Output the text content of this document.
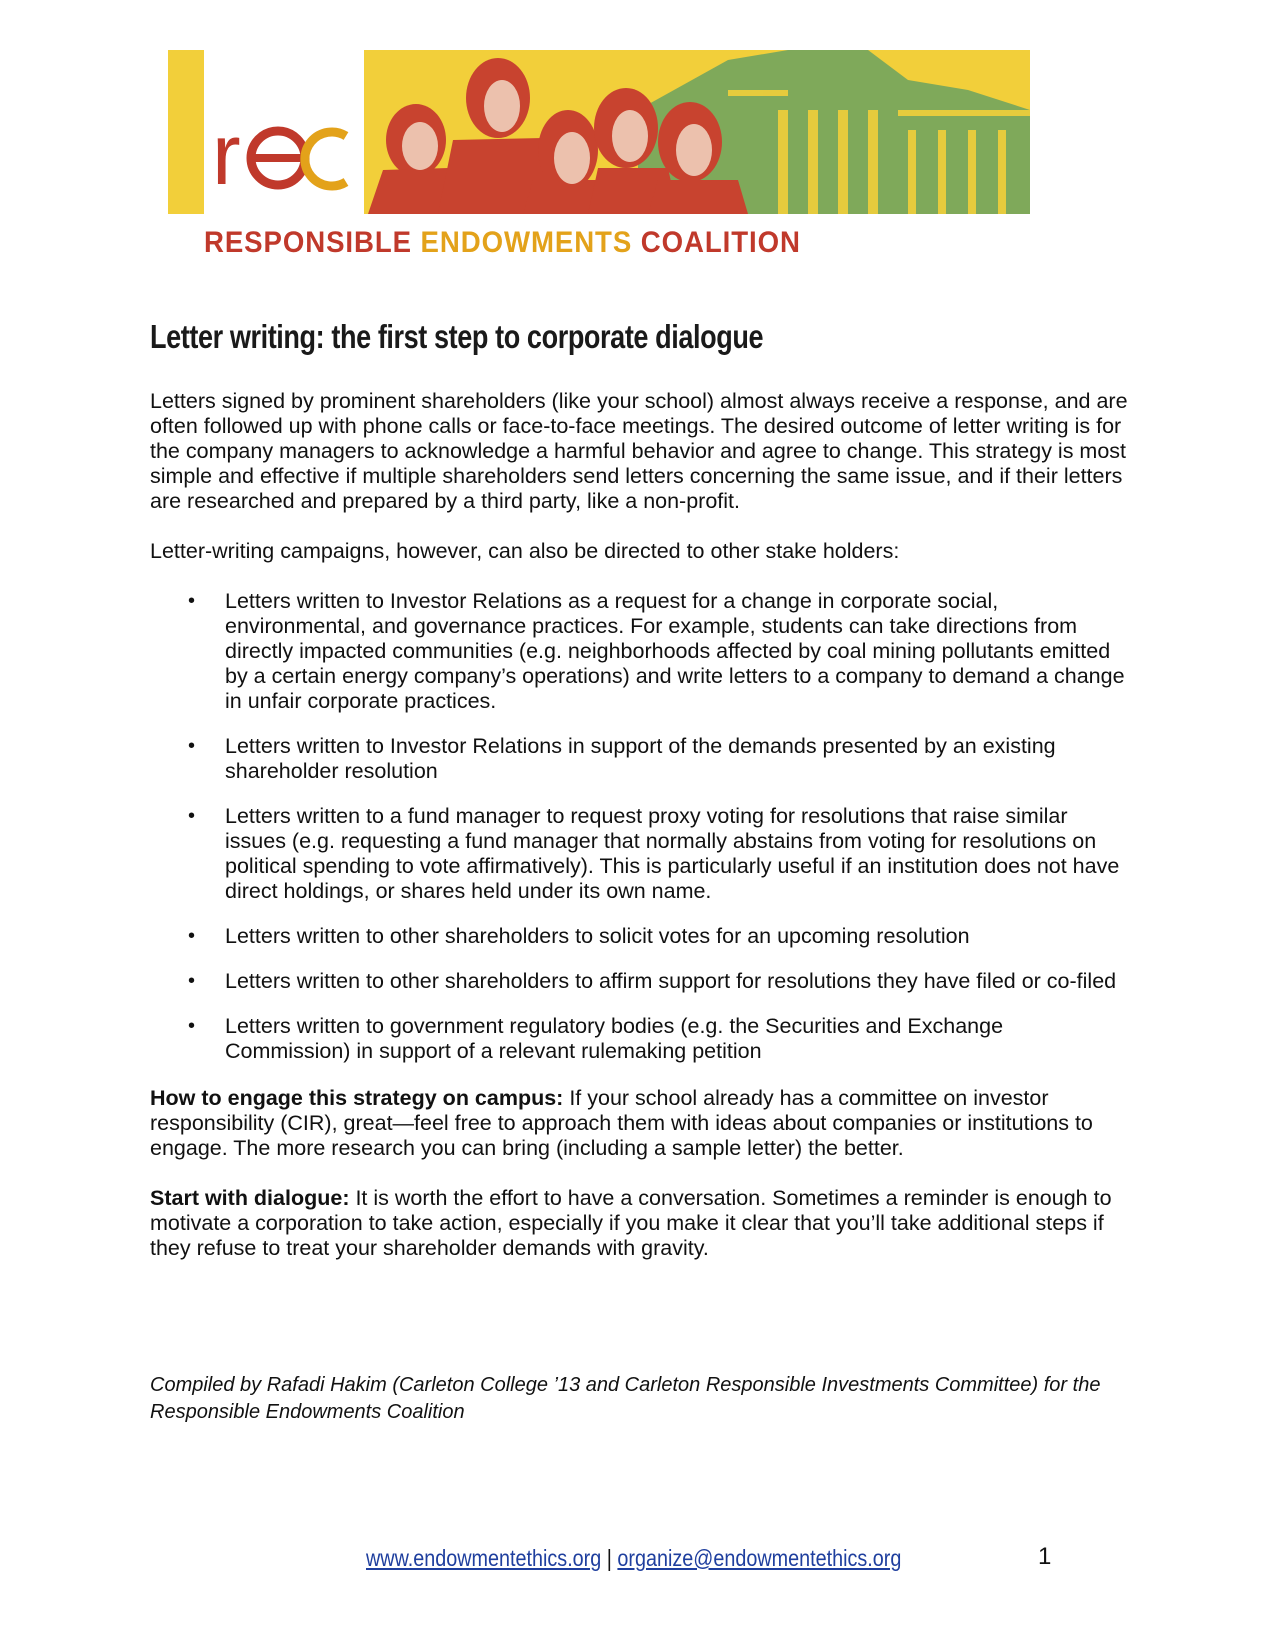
r
RESPONSIBLE ENDOWMENTS COALITION
Letter writing: the first step to corporate dialogue

Letters signed by prominent shareholders (like your school) almost always receive a response, and are often followed up with phone calls or face-to-face meetings. The desired outcome of letter writing is for the company managers to acknowledge a harmful behavior and agree to change. This strategy is most simple and effective if multiple shareholders send letters concerning the same issue, and if their letters are researched and prepared by a third party, like a non-profit.

Letter-writing campaigns, however, can also be directed to other stake holders:

• Letters written to Investor Relations as a request for a change in corporate social, environmental, and governance practices. For example, students can take directions from directly impacted communities (e.g. neighborhoods affected by coal mining pollutants emitted by a certain energy company’s operations) and write letters to a company to demand a change in unfair corporate practices.
• Letters written to Investor Relations in support of the demands presented by an existing shareholder resolution
• Letters written to a fund manager to request proxy voting for resolutions that raise similar issues (e.g. requesting a fund manager that normally abstains from voting for resolutions on political spending to vote affirmatively). This is particularly useful if an institution does not have direct holdings, or shares held under its own name.
• Letters written to other shareholders to solicit votes for an upcoming resolution
• Letters written to other shareholders to affirm support for resolutions they have filed or co-filed
• Letters written to government regulatory bodies (e.g. the Securities and Exchange Commission) in support of a relevant rulemaking petition

How to engage this strategy on campus: If your school already has a committee on investor responsibility (CIR), great—feel free to approach them with ideas about companies or institutions to engage. The more research you can bring (including a sample letter) the better.

Start with dialogue: It is worth the effort to have a conversation. Sometimes a reminder is enough to motivate a corporation to take action, especially if you make it clear that you’ll take additional steps if they refuse to treat your shareholder demands with gravity.

Compiled by Rafadi Hakim (Carleton College ’13 and Carleton Responsible Investments Committee) for the Responsible Endowments Coalition
www.endowmentethics.org | organize@endowmentethics.org	1
